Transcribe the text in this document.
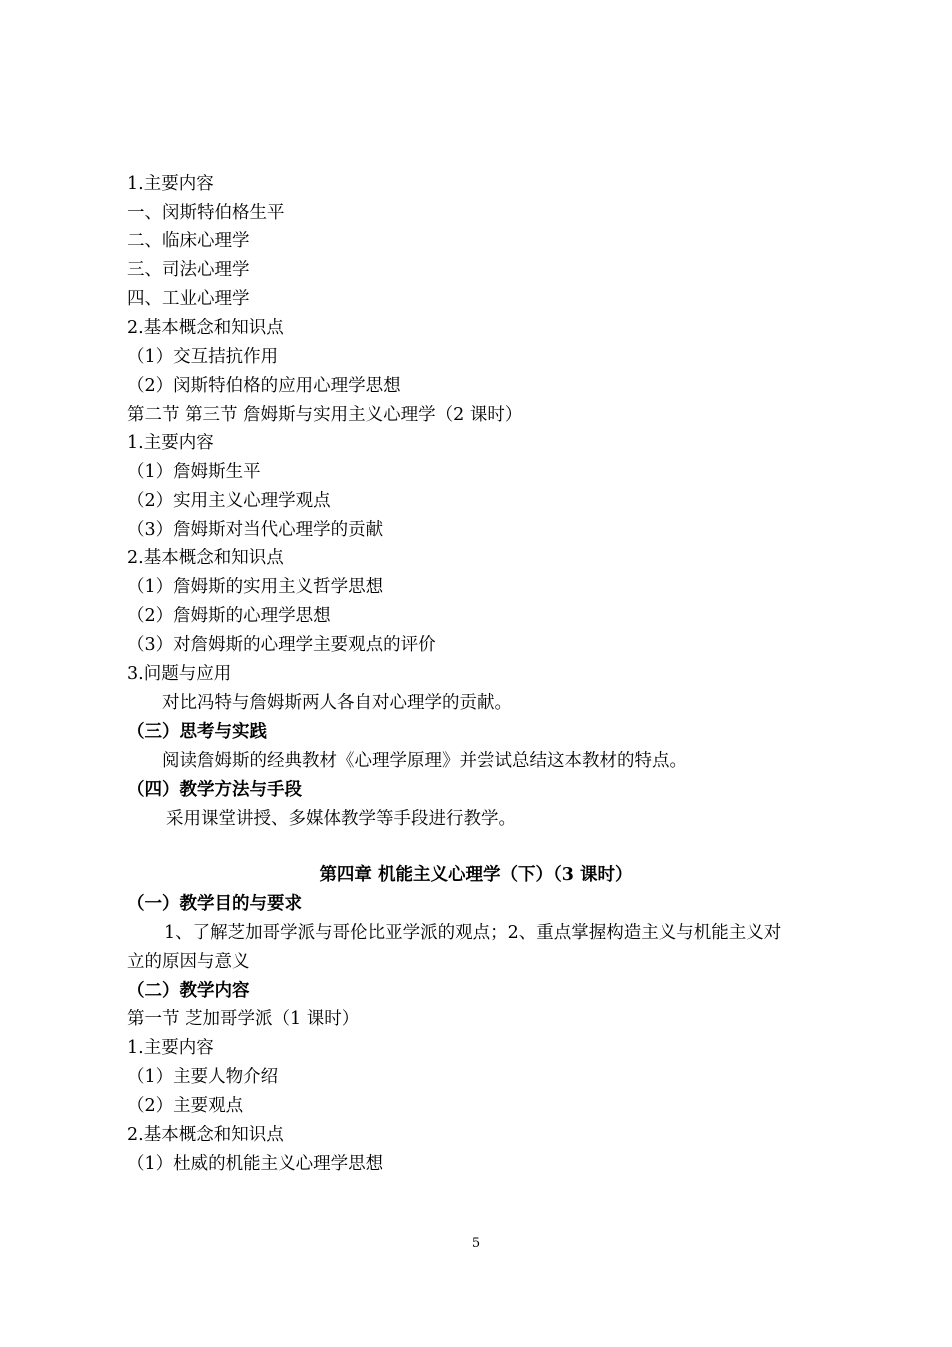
1.主要内容
一、闵斯特伯格生平
二、临床心理学
三、司法心理学
四、工业心理学
2.基本概念和知识点
（1）交互拮抗作用
（2）闵斯特伯格的应用心理学思想
第二节 第三节 詹姆斯与实用主义心理学（2 课时）
1.主要内容
（1）詹姆斯生平
（2）实用主义心理学观点
（3）詹姆斯对当代心理学的贡献
2.基本概念和知识点
（1）詹姆斯的实用主义哲学思想
（2）詹姆斯的心理学思想
（3）对詹姆斯的心理学主要观点的评价
3.问题与应用
对比冯特与詹姆斯两人各自对心理学的贡献。
（三）思考与实践
阅读詹姆斯的经典教材《心理学原理》并尝试总结这本教材的特点。
（四）教学方法与手段
采用课堂讲授、多媒体教学等手段进行教学。
第四章 机能主义心理学（下）（3 课时）
（一）教学目的与要求
1、了解芝加哥学派与哥伦比亚学派的观点；2、重点掌握构造主义与机能主义对
立的原因与意义
（二）教学内容
第一节 芝加哥学派（1 课时）
1.主要内容
（1）主要人物介绍
（2）主要观点
2.基本概念和知识点
（1）杜威的机能主义心理学思想
5
